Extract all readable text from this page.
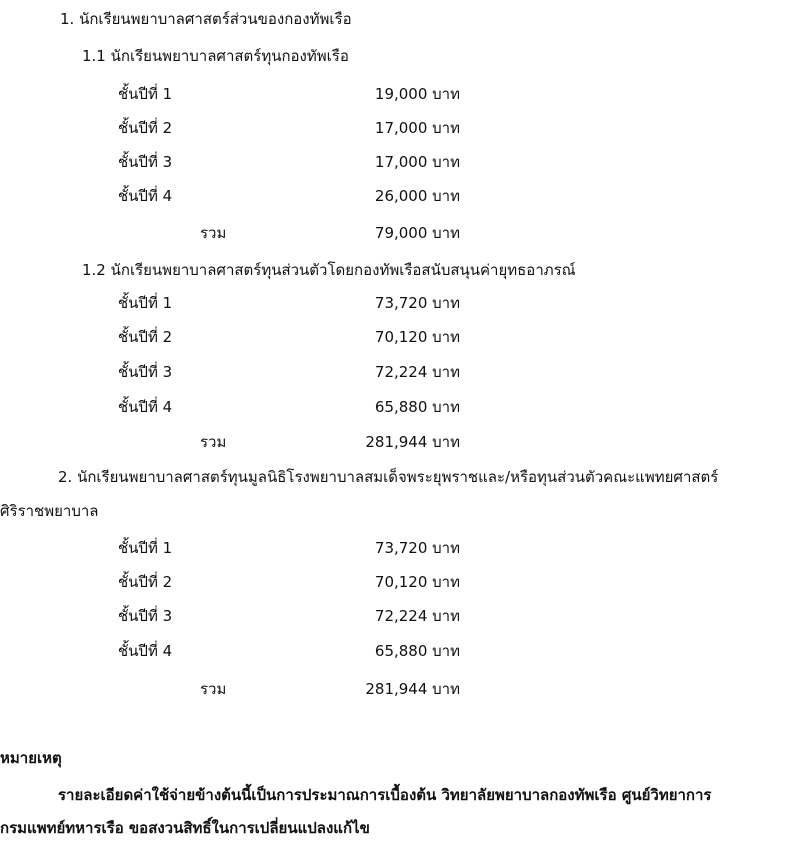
1. นักเรียนพยาบาลศาสตร์ส่วนของกองทัพเรือ
1.1 นักเรียนพยาบาลศาสตร์ทุนกองทัพเรือ
ชั้นปีที่ 1	19,000 บาท
ชั้นปีที่ 2	17,000 บาท
ชั้นปีที่ 3	17,000 บาท
ชั้นปีที่ 4	26,000 บาท
รวม	79,000 บาท
1.2 นักเรียนพยาบาลศาสตร์ทุนส่วนตัวโดยกองทัพเรือสนับสนุนค่ายุทธอาภรณ์
ชั้นปีที่ 1	73,720 บาท
ชั้นปีที่ 2	70,120 บาท
ชั้นปีที่ 3	72,224 บาท
ชั้นปีที่ 4	65,880 บาท
รวม	281,944 บาท
2. นักเรียนพยาบาลศาสตร์ทุนมูลนิธิโรงพยาบาลสมเด็จพระยุพราชและ/หรือทุนส่วนตัวคณะแพทยศาสตร์
ศิริราชพยาบาล
ชั้นปีที่ 1	73,720 บาท
ชั้นปีที่ 2	70,120 บาท
ชั้นปีที่ 3	72,224 บาท
ชั้นปีที่ 4	65,880 บาท
รวม	281,944 บาท
หมายเหตุ
รายละเอียดค่าใช้จ่ายข้างต้นนี้เป็นการประมาณการเบื้องต้น วิทยาลัยพยาบาลกองทัพเรือ ศูนย์วิทยาการ
กรมแพทย์ทหารเรือ ขอสงวนสิทธิ์ในการเปลี่ยนแปลงแก้ไข
